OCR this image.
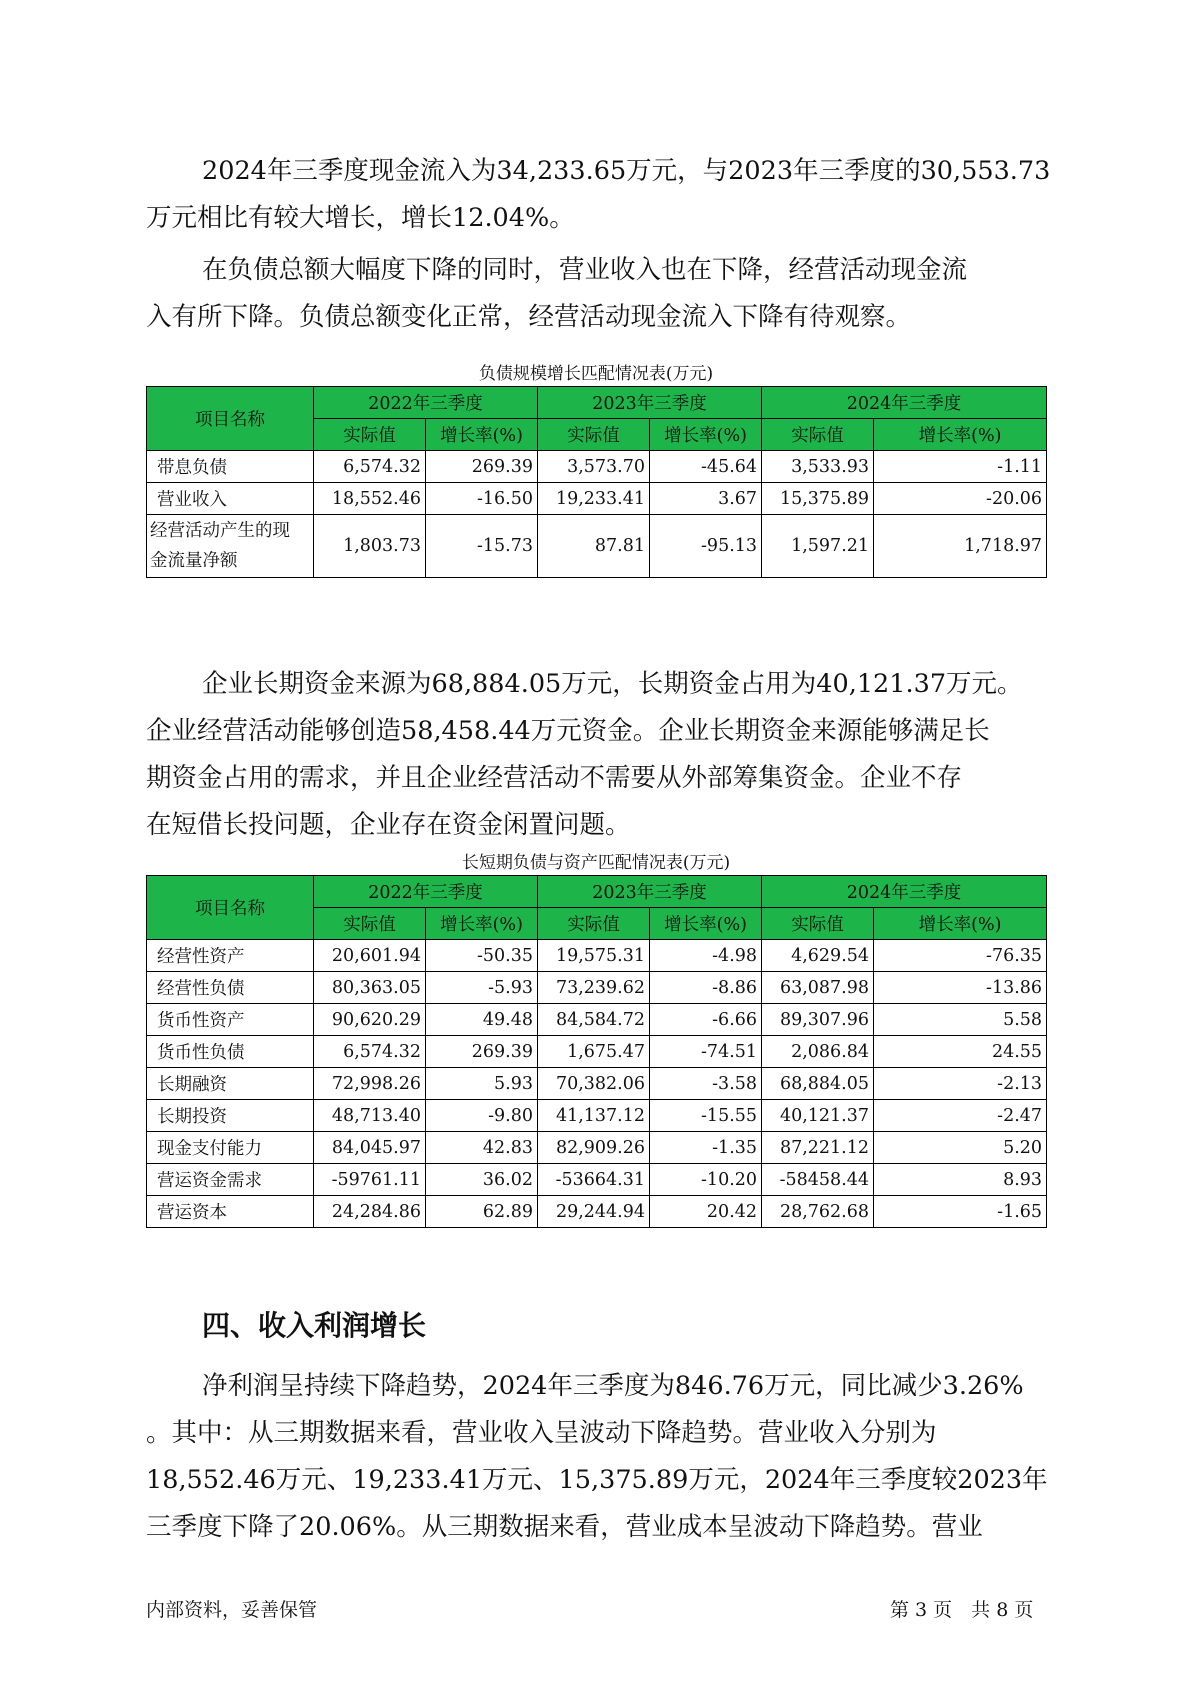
2024年三季度现金流入为34,233.65万元，与2023年三季度的30,553.73
万元相比有较大增长，增长12.04%。
在负债总额大幅度下降的同时，营业收入也在下降，经营活动现金流
入有所下降。负债总额变化正常，经营活动现金流入下降有待观察。
负债规模增长匹配情况表(万元)
项目名称	2022年三季度		2023年三季度		2024年三季度	
	实际值	增长率(%)	实际值	增长率(%)	实际值	增长率(%)
带息负债	6,574.32	269.39	3,573.70	-45.64	3,533.93	-1.11
营业收入	18,552.46	-16.50	19,233.41	3.67	15,375.89	-20.06
经营活动产生的现
金流量净额	1,803.73	-15.73	87.81	-95.13	1,597.21	1,718.97
企业长期资金来源为68,884.05万元，长期资金占用为40,121.37万元。
企业经营活动能够创造58,458.44万元资金。企业长期资金来源能够满足长
期资金占用的需求，并且企业经营活动不需要从外部筹集资金。企业不存
在短借长投问题，企业存在资金闲置问题。
长短期负债与资产匹配情况表(万元)
项目名称	2022年三季度		2023年三季度		2024年三季度	
	实际值	增长率(%)	实际值	增长率(%)	实际值	增长率(%)
经营性资产	20,601.94	-50.35	19,575.31	-4.98	4,629.54	-76.35
经营性负债	80,363.05	-5.93	73,239.62	-8.86	63,087.98	-13.86
货币性资产	90,620.29	49.48	84,584.72	-6.66	89,307.96	5.58
货币性负债	6,574.32	269.39	1,675.47	-74.51	2,086.84	24.55
长期融资	72,998.26	5.93	70,382.06	-3.58	68,884.05	-2.13
长期投资	48,713.40	-9.80	41,137.12	-15.55	40,121.37	-2.47
现金支付能力	84,045.97	42.83	82,909.26	-1.35	87,221.12	5.20
营运资金需求	-59761.11	36.02	-53664.31	-10.20	-58458.44	8.93
营运资本	24,284.86	62.89	29,244.94	20.42	28,762.68	-1.65
四、收入利润增长
净利润呈持续下降趋势，2024年三季度为846.76万元，同比减少3.26%
。其中：从三期数据来看，营业收入呈波动下降趋势。营业收入分别为
18,552.46万元、19,233.41万元、15,375.89万元，2024年三季度较2023年
三季度下降了20.06%。从三期数据来看，营业成本呈波动下降趋势。营业
内部资料，妥善保管	第 3 页　共 8 页
